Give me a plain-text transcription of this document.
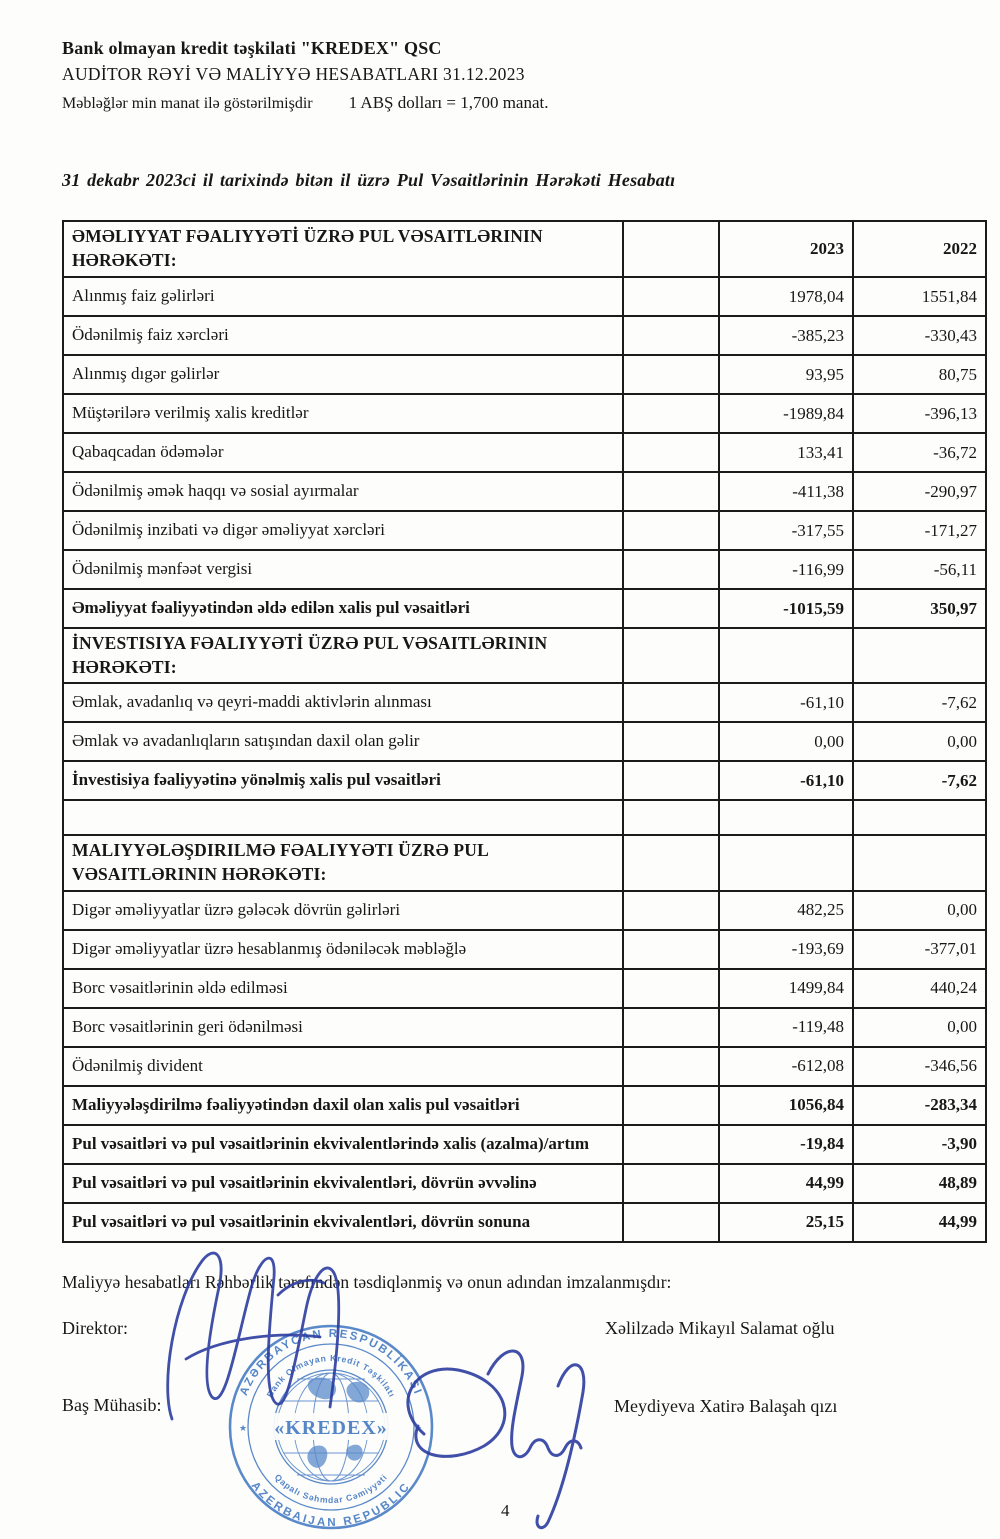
Bank olmayan kredit təşkilati "KREDEX" QSC
AUDİTOR RƏYİ VƏ MALİYYƏ HESABATLARI 31.12.2023
Məbləğlər min manat ilə göstərilmişdir 1 ABŞ dolları = 1,700 manat.
31 dekabr 2023ci il tarixində bitən il üzrə Pul Vəsaitlərinin Hərəkəti Hesabatı
ƏMƏLIYYAT FƏALIYYƏTİ ÜZRƏ PUL VƏSAITLƏRININ HƏRƏKƏTI:		2023	2022
Alınmış faiz gəlirləri		1978,04	1551,84
Ödənilmiş faiz xərcləri		-385,23	-330,43
Alınmış dıgər gəlirlər		93,95	80,75
Müştərilərə verilmiş xalis kreditlər		-1989,84	-396,13
Qabaqcadan ödəmələr		133,41	-36,72
Ödənilmiş əmək haqqı və sosial ayırmalar		-411,38	-290,97
Ödənilmiş inzibati və digər əməliyyat xərcləri		-317,55	-171,27
Ödənilmiş mənfəət vergisi		-116,99	-56,11
Əməliyyat fəaliyyətindən əldə edilən xalis pul vəsaitləri		-1015,59	350,97
İNVESTISIYA FƏALIYYƏTİ ÜZRƏ PUL VƏSAITLƏRININ HƏRƏKƏTI:			
Əmlak, avadanlıq və qeyri-maddi aktivlərin alınması		-61,10	-7,62
Əmlak və avadanlıqların satışından daxil olan gəlir		0,00	0,00
İnvestisiya fəaliyyətinə yönəlmiş xalis pul vəsaitləri		-61,10	-7,62

MALIYYƏLƏŞDIRILMƏ FƏALIYYƏTI ÜZRƏ PUL VƏSAITLƏRININ HƏRƏKƏTI:			
Digər əməliyyatlar üzrə gələcək dövrün gəlirləri		482,25	0,00
Digər əməliyyatlar üzrə hesablanmış ödəniləcək məbləğlə		-193,69	-377,01
Borc vəsaitlərinin əldə edilməsi		1499,84	440,24
Borc vəsaitlərinin geri ödənilməsi		-119,48	0,00
Ödənilmiş divident		-612,08	-346,56
Maliyyələşdirilmə fəaliyyətindən daxil olan xalis pul vəsaitləri		1056,84	-283,34
Pul vəsaitləri və pul vəsaitlərinin ekvivalentlərində xalis (azalma)/artım		-19,84	-3,90
Pul vəsaitləri və pul vəsaitlərinin ekvivalentləri, dövrün əvvəlinə		44,99	48,89
Pul vəsaitləri və pul vəsaitlərinin ekvivalentləri, dövrün sonuna		25,15	44,99
Maliyyə hesabatları Rəhbərlik tərəfmdən təsdiqlənmiş və onun adından imzalanmışdır:
Direktor:	Xəlilzadə Mikayıl Salamat oğlu
Baş Mühasib:	Meydiyeva Xatirə Balaşah qızı
AZƏRBAYCAN RESPUBLİKASI
AZERBAIJAN REPUBLIC
Bank Olmayan Kredit Təşkilatı
Qapalı Səhmdar Cəmiyyəti
«KREDEX»
★	★
4
